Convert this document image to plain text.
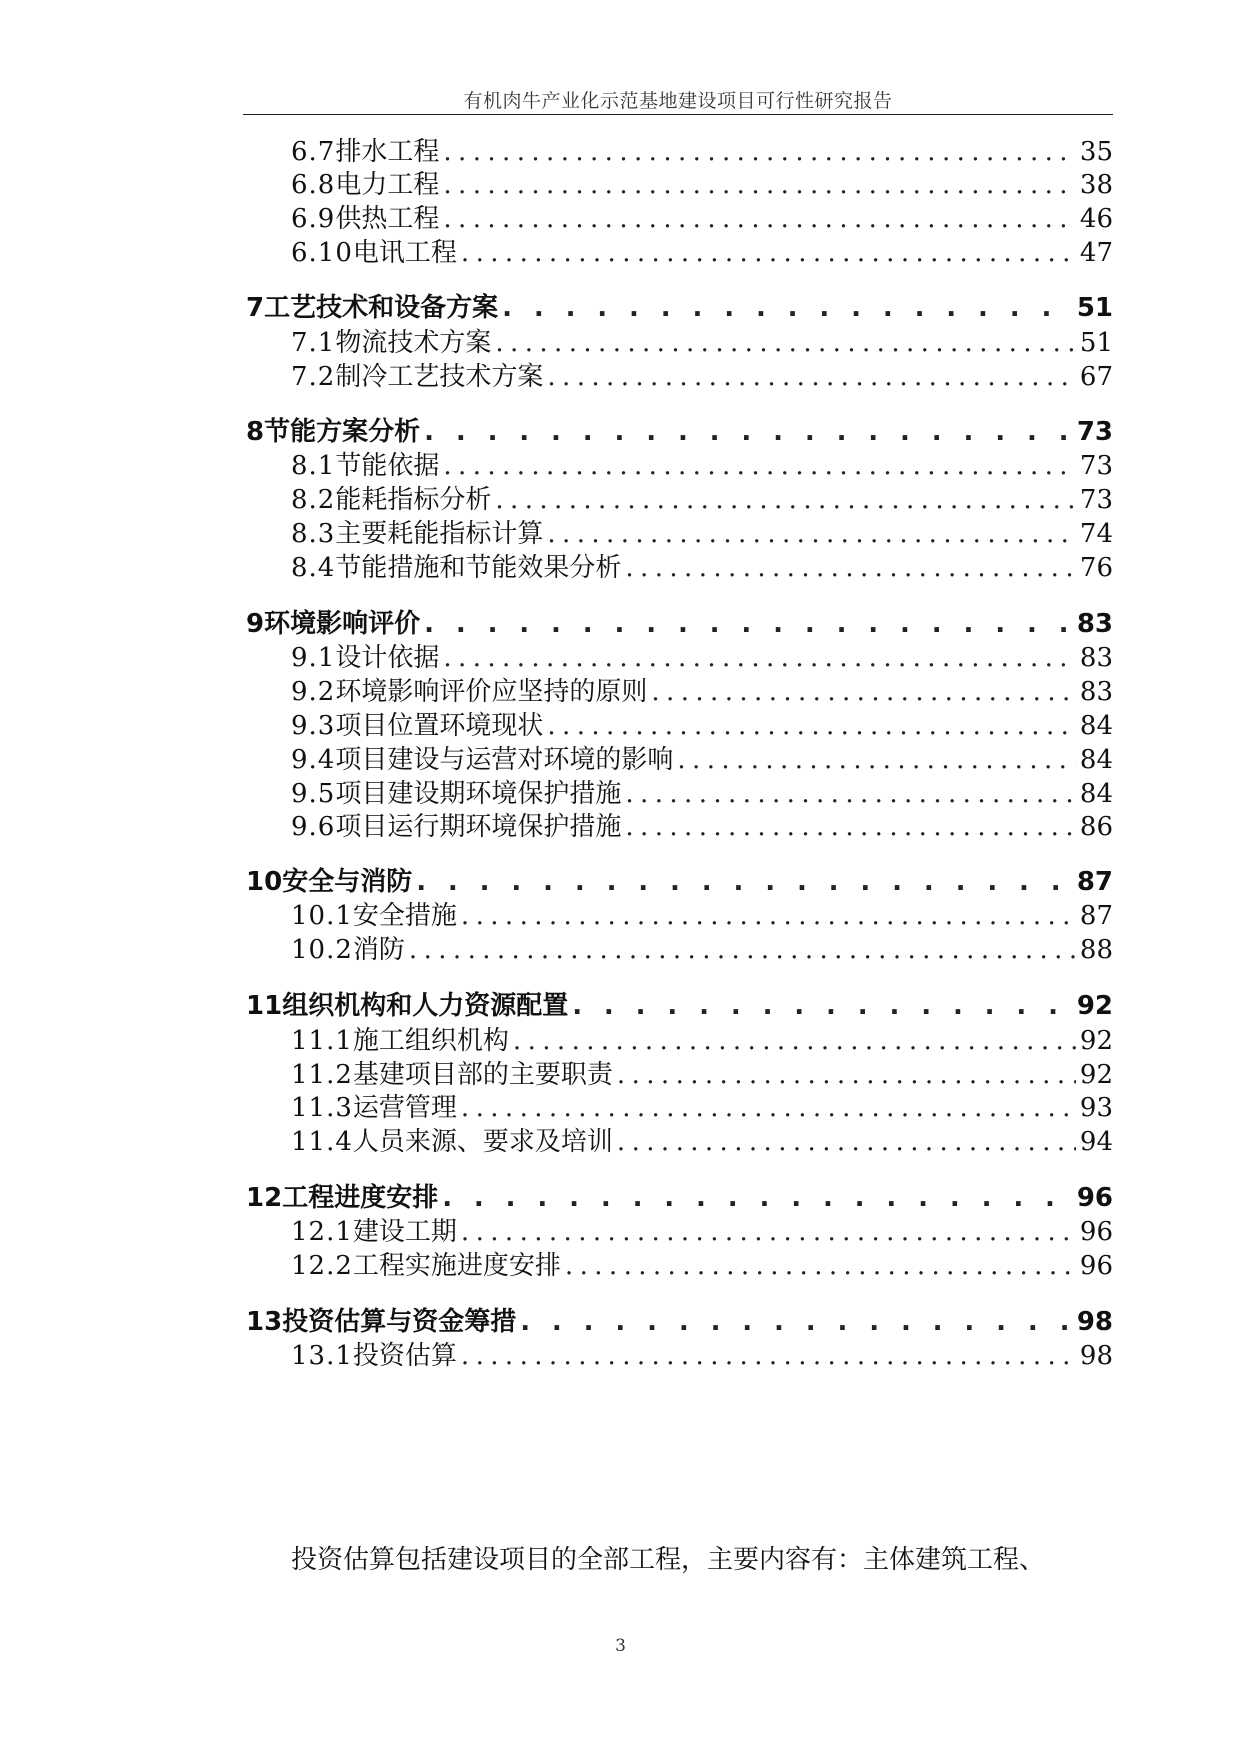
有机肉牛产业化示范基地建设项目可行性研究报告
6.7 排水工程 .....	35
6.8 电力工程 .....	38
6.9 供热工程 .....	46
6.10 电讯工程 .....	47
7 工艺技术和设备方案 . . .	51
7.1 物流技术方案 .....	51
7.2 制冷工艺技术方案 .....	67
8 节能方案分析 . . .	73
8.1 节能依据 .....	73
8.2 能耗指标分析 .....	73
8.3 主要耗能指标计算 .....	74
8.4 节能措施和节能效果分析 .....	76
9 环境影响评价 . . .	83
9.1 设计依据 .....	83
9.2 环境影响评价应坚持的原则 .....	83
9.3 项目位置环境现状 .....	84
9.4 项目建设与运营对环境的影响 .....	84
9.5 项目建设期环境保护措施 .....	84
9.6 项目运行期环境保护措施 .....	86
10 安全与消防 . . .	87
10.1 安全措施 .....	87
10.2 消防 .....	88
11 组织机构和人力资源配置 . . .	92
11.1 施工组织机构 .....	92
11.2 基建项目部的主要职责 .....	92
11.3 运营管理 .....	93
11.4 人员来源、要求及培训 .....	94
12 工程进度安排 . . .	96
12.1 建设工期 .....	96
12.2 工程实施进度安排 .....	96
13 投资估算与资金筹措 . . .	98
13.1 投资估算 .....	98
投资估算包括建设项目的全部工程，主要内容有：主体建筑工程、
3
